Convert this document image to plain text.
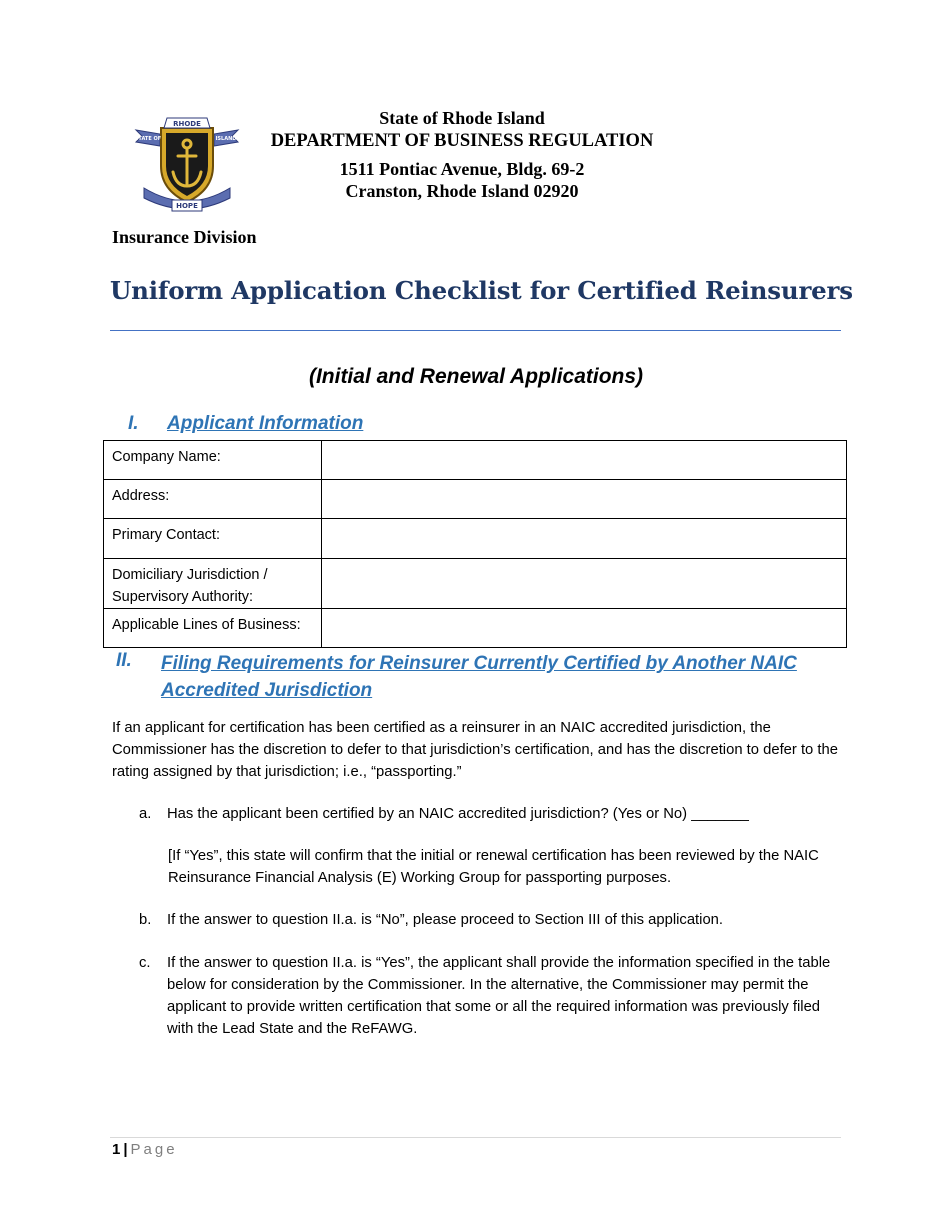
RHODE
STATE OF	ISLAND
HOPE
State of Rhode Island
DEPARTMENT OF BUSINESS REGULATION
1511 Pontiac Avenue, Bldg. 69-2
Cranston, Rhode Island 02920
Insurance Division
Uniform Application Checklist for Certified Reinsurers
(Initial and Renewal Applications)
I. Applicant Information
Company Name:	
Address:	
Primary Contact:	
Domiciliary Jurisdiction / Supervisory Authority:	
Applicable Lines of Business:	
II. Filing Requirements for Reinsurer Currently Certified by Another NAIC Accredited Jurisdiction
If an applicant for certification has been certified as a reinsurer in an NAIC accredited jurisdiction, the Commissioner has the discretion to defer to that jurisdiction’s certification, and has the discretion to defer to the rating assigned by that jurisdiction; i.e., “passporting.”
a. Has the applicant been certified by an NAIC accredited jurisdiction? (Yes or No) _______
[If “Yes”, this state will confirm that the initial or renewal certification has been reviewed by the NAIC Reinsurance Financial Analysis (E) Working Group for passporting purposes.
b. If the answer to question II.a. is “No”, please proceed to Section III of this application.
c. If the answer to question II.a. is “Yes”, the applicant shall provide the information specified in the table below for consideration by the Commissioner. In the alternative, the Commissioner may permit the applicant to provide written certification that some or all the required information was previously filed with the Lead State and the ReFAWG.
1 | Page
